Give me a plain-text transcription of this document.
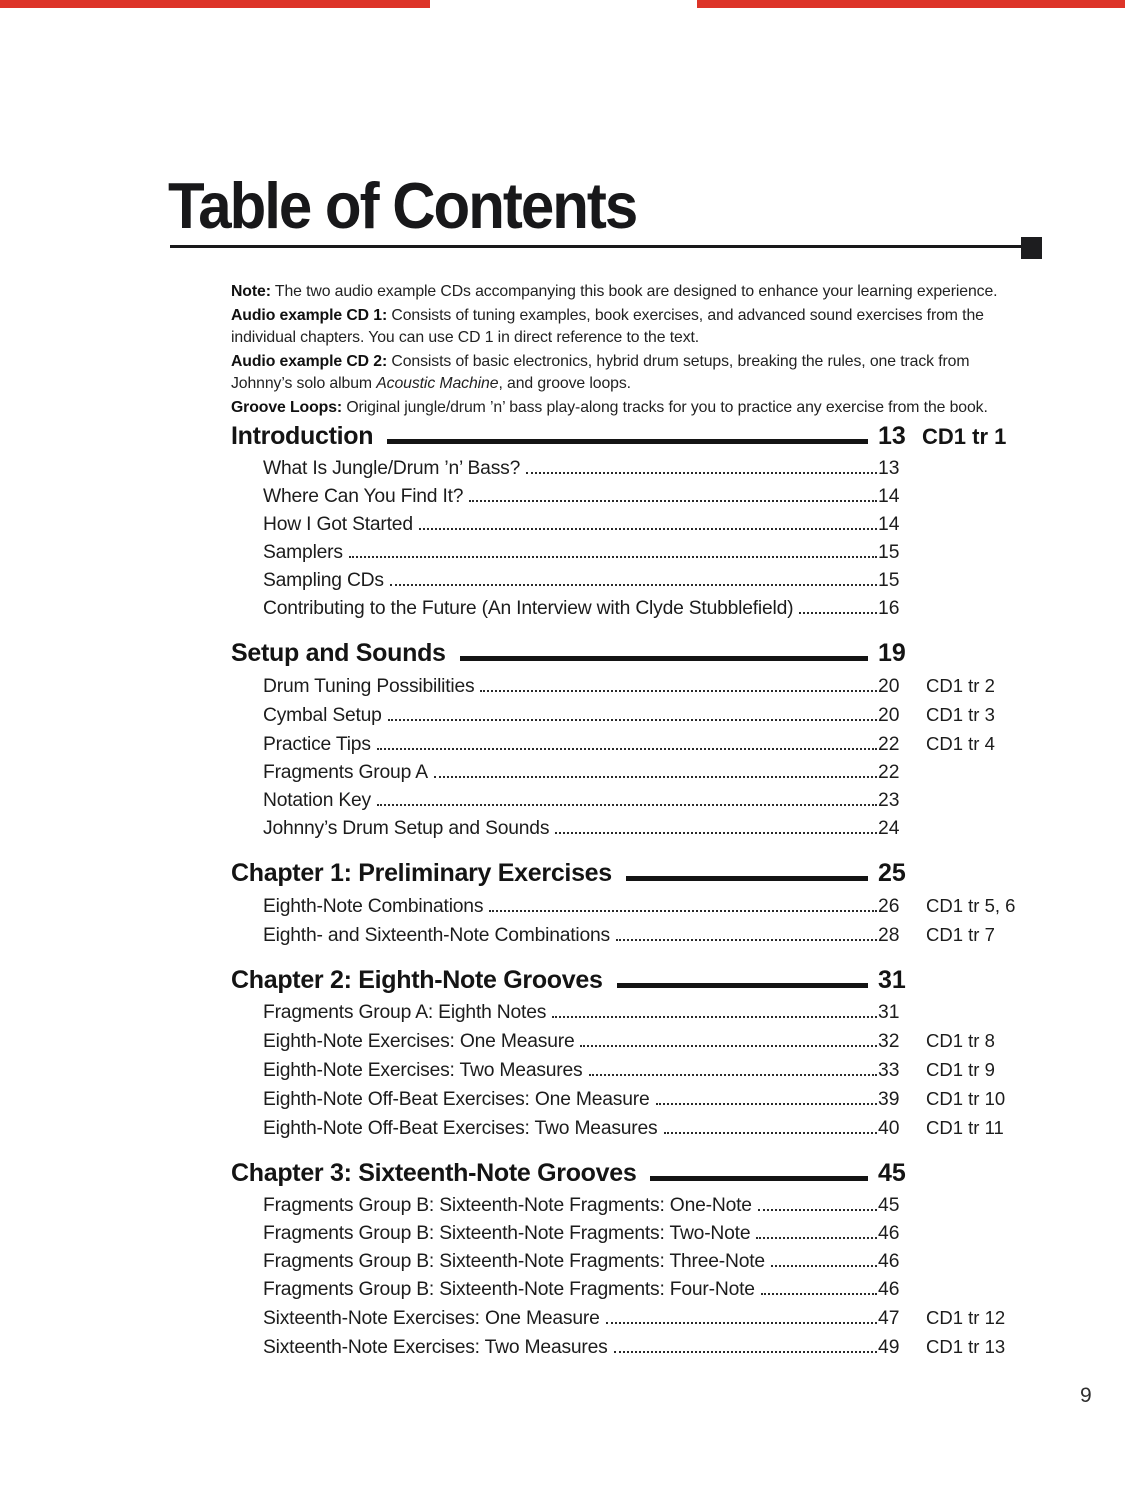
Table of Contents

Note: The two audio example CDs accompanying this book are designed to enhance your learning experience.

Audio example CD 1: Consists of tuning examples, book exercises, and advanced sound exercises from the individual chapters. You can use CD 1 in direct reference to the text.

Audio example CD 2: Consists of basic electronics, hybrid drum setups, breaking the rules, one track from Johnny’s solo album Acoustic Machine, and groove loops.

Groove Loops: Original jungle/drum ’n’ bass play-along tracks for you to practice any exercise from the book.

Introduction	13 CD1 tr 1
What Is Jungle/Drum ’n’ Bass?	13
Where Can You Find It?	14
How I Got Started	14
Samplers	15
Sampling CDs	15
Contributing to the Future (An Interview with Clyde Stubblefield)	16
Setup and Sounds	19
Drum Tuning Possibilities	20	CD1 tr 2
Cymbal Setup	20	CD1 tr 3
Practice Tips	22	CD1 tr 4
Fragments Group A	22
Notation Key	23
Johnny’s Drum Setup and Sounds	24
Chapter 1: Preliminary Exercises	25
Eighth-Note Combinations	26	CD1 tr 5, 6
Eighth- and Sixteenth-Note Combinations	28	CD1 tr 7
Chapter 2: Eighth-Note Grooves	31
Fragments Group A: Eighth Notes	31
Eighth-Note Exercises: One Measure	32	CD1 tr 8
Eighth-Note Exercises: Two Measures	33	CD1 tr 9
Eighth-Note Off-Beat Exercises: One Measure	39	CD1 tr 10
Eighth-Note Off-Beat Exercises: Two Measures	40	CD1 tr 11
Chapter 3: Sixteenth-Note Grooves	45
Fragments Group B: Sixteenth-Note Fragments: One-Note	45
Fragments Group B: Sixteenth-Note Fragments: Two-Note	46
Fragments Group B: Sixteenth-Note Fragments: Three-Note	46
Fragments Group B: Sixteenth-Note Fragments: Four-Note	46
Sixteenth-Note Exercises: One Measure	47	CD1 tr 12
Sixteenth-Note Exercises: Two Measures	49	CD1 tr 13
9
